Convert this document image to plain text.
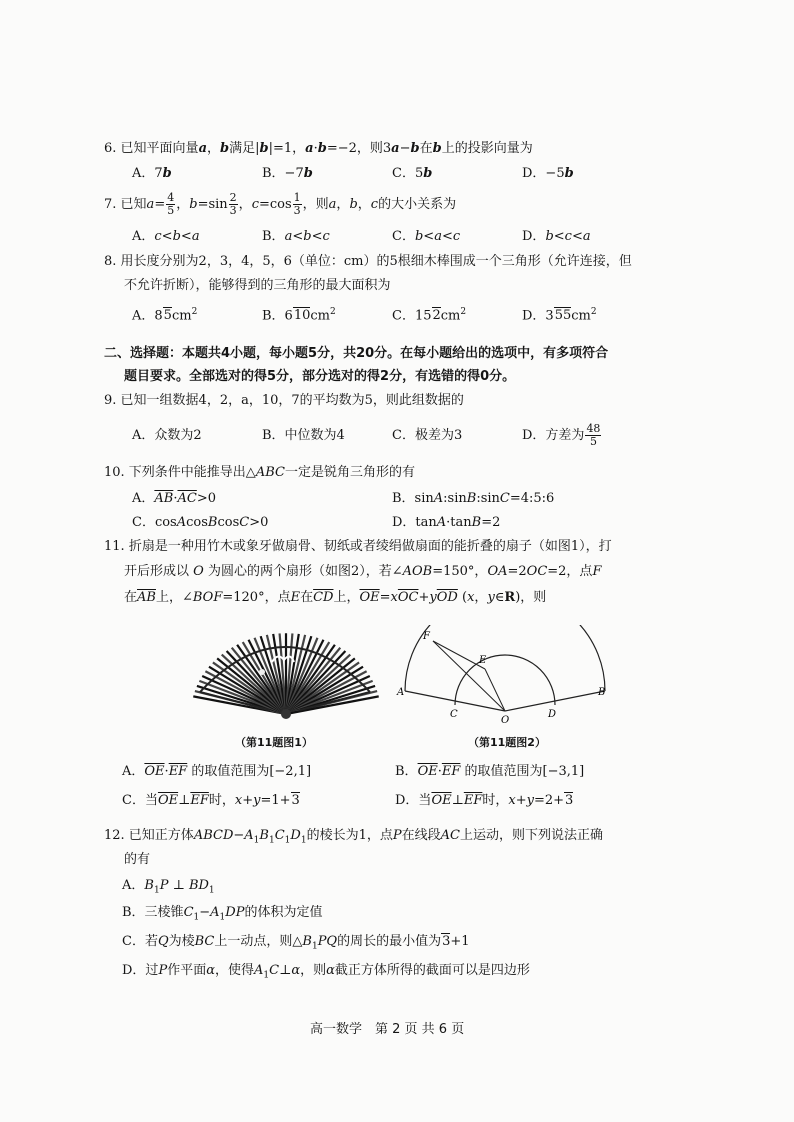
6. 已知平面向量a，b满足|b|=1，a·b=−2，则3a−b在b上的投影向量为
A．7b	B．−7b	C．5b	D．−5b
7. 已知$a= \frac{4}{5}$ ，$b=\sin \frac{2}{3}$ ，$c=\cos \frac{1}{3}$ ，则a，b，c的大小关系为
A．c<b<a	B．a<b<c	C．b<a<c	D．b<c<a
8. 用长度分别为2，3，4，5，6（单位：cm）的5根细木棒围成一个三角形（允许连接，但
不允许折断），能够得到的三角形的最大面积为
A．$85cm^2$	B．$610cm^2$	C．$152cm^2$	D．$355cm^2$
二、选择题：本题共4小题，每小题5分，共20分。在每小题给出的选项中，有多项符合
题目要求。全部选对的得5分，部分选对的得2分，有选错的得0分。
9. 已知一组数据4，2，a，10，7的平均数为5，则此组数据的
A．众数为2	B．中位数为4	C．极差为3	D．方差为 $\frac{48}{5}$
10. 下列条件中能推导出△ABC一定是锐角三角形的有
A．$\overline{AB}\cdot\overline{AC}>0$	B．sinA:sinB:sinC=4:5:6
C．cosAcosBcosC>0	D．tanA·tanB=2
11. 折扇是一种用竹木或象牙做扇骨、韧纸或者绫绢做扇面的能折叠的扇子（如图1），打
开后形成以 O 为圆心的两个扇形（如图2），若∠AOB=150°，OA=2OC=2，点F
在$\overline{AB}$上，∠BOF=120°，点E在$\overline{CD}$上，$\overline{OE}=x\overline{OC}+y\overline{OD}$ (x，y∈R)，则
（第11题图1）
F
E
A
C
O
D
B
（第11题图2）
A．$\overline{OE}\cdot\overline{EF}$ 的取值范围为[−2,1]	B．$\overline{OE}\cdot\overline{EF}$ 的取值范围为[−3,1]
C．当$\overline{OE}\perp\overline{EF}$时，x+y=1+3	D．当$\overline{OE}\perp\overline{EF}$时，x+y=2+3
12. 已知正方体$ABCD-A_1B_1C_1D_1$的棱长为1，点P在线段AC上运动，则下列说法正确
的有
A．$B_1P$ ⊥ $BD_1$
B．三棱锥$C_1-A_1DP$的体积为定值
C．若Q为棱BC上一动点，则$\triangle B_1PQ$的周长的最小值为3+1
D．过P作平面α，使得$A_1C\perp\alpha$，则α截正方体所得的截面可以是四边形
高一数学　第 2 页 共 6 页
